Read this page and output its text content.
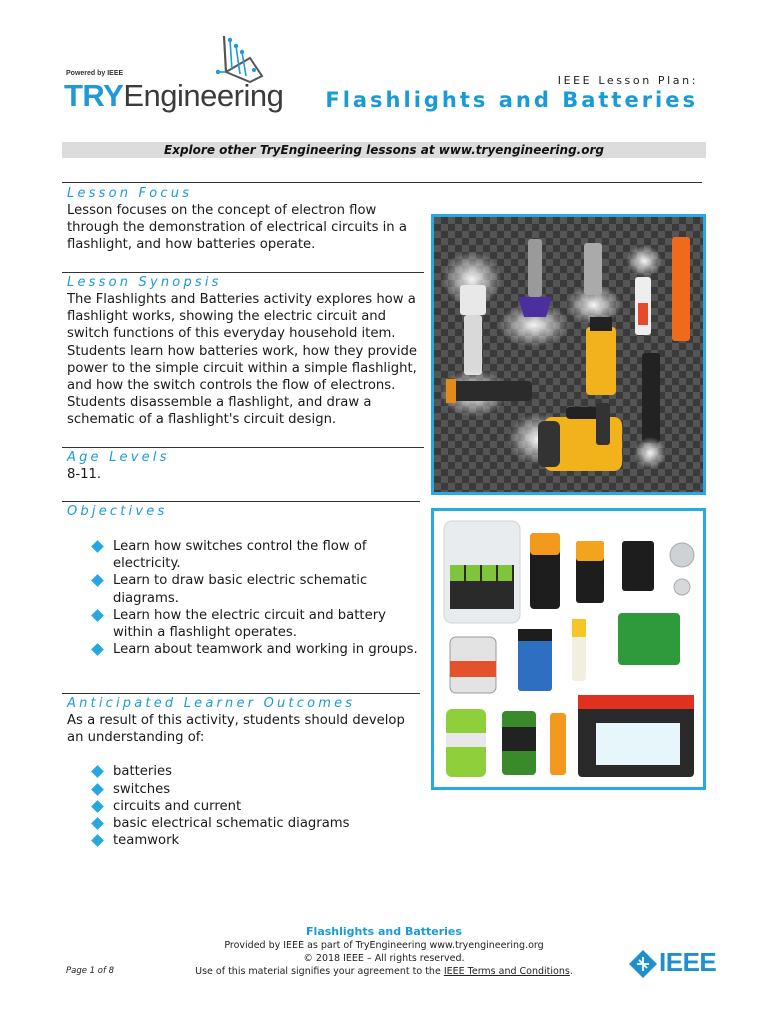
Powered by IEEE
TRYEngineering	IEEE Lesson Plan:
Flashlights and Batteries
Explore other TryEngineering lessons at www.tryengineering.org
Lesson Focus
Lesson focuses on the concept of electron flow through the demonstration of electrical circuits in a flashlight, and how batteries operate.
Lesson Synopsis
The Flashlights and Batteries activity explores how a flashlight works, showing the electric circuit and switch functions of this everyday household item. Students learn how batteries work, how they provide power to the simple circuit within a simple flashlight, and how the switch controls the flow of electrons. Students disassemble a flashlight, and draw a schematic of a flashlight's circuit design.
Age Levels
8-11.
Objectives
Learn how switches control the flow of electricity.
Learn to draw basic electric schematic diagrams.
Learn how the electric circuit and battery within a flashlight operates.
Learn about teamwork and working in groups.
Anticipated Learner Outcomes
As a result of this activity, students should develop an understanding of:
batteries
switches
circuits and current
basic electrical schematic diagrams
teamwork
Flashlights and Batteries
Provided by IEEE as part of TryEngineering www.tryengineering.org
© 2018 IEEE – All rights reserved.
Use of this material signifies your agreement to the IEEE Terms and Conditions.
Page 1 of 8	IEEE
